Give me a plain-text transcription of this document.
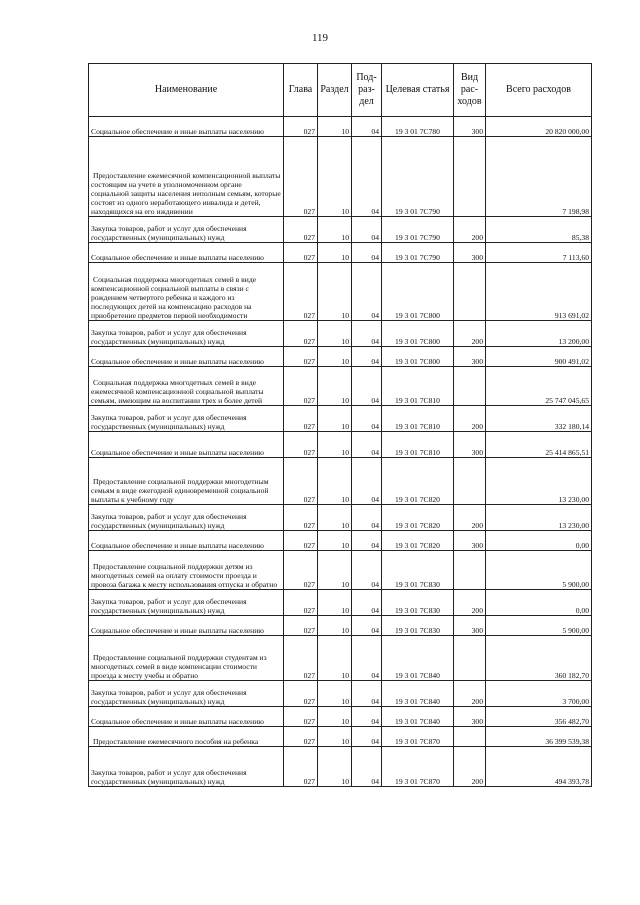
119
Наименование	Глава	Раздел	Под-раз-дел	Целевая статья	Вид рас-ходов	Всего расходов
Социальное обеспечение и иные выплаты населению	027	10	04	19 3 01 7C780	300	20 820 000,00
Предоставление ежемесячной компенсационной выплаты состоящим на учете в уполномоченном органе социальной защиты населения неполным семьям, которые состоят из одного неработающего инвалида и детей, находящихся на его иждивении	027	10	04	19 3 01 7C790		7 198,98
Закупка товаров, работ и услуг для обеспечения государственных (муниципальных) нужд	027	10	04	19 3 01 7C790	200	85,38
Социальное обеспечение и иные выплаты населению	027	10	04	19 3 01 7C790	300	7 113,60
Социальная поддержка многодетных семей в виде компенсационной социальной выплаты в связи с рождением четвертого ребенка и каждого из последующих детей на компенсацию расходов на приобретение предметов первой необходимости	027	10	04	19 3 01 7C800		913 691,02
Закупка товаров, работ и услуг для обеспечения государственных (муниципальных) нужд	027	10	04	19 3 01 7C800	200	13 200,00
Социальное обеспечение и иные выплаты населению	027	10	04	19 3 01 7C800	300	900 491,02
Социальная поддержка многодетных семей в виде ежемесячной компенсационной социальной выплаты семьям, имеющим на воспитании трех и более детей	027	10	04	19 3 01 7C810		25 747 045,65
Закупка товаров, работ и услуг для обеспечения государственных (муниципальных) нужд	027	10	04	19 3 01 7C810	200	332 180,14
Социальное обеспечение и иные выплаты населению	027	10	04	19 3 01 7C810	300	25 414 865,51
Предоставление социальной поддержки многодетным семьям в виде ежегодной единовременной социальной выплаты к учебному году	027	10	04	19 3 01 7C820		13 230,00
Закупка товаров, работ и услуг для обеспечения государственных (муниципальных) нужд	027	10	04	19 3 01 7C820	200	13 230,00
Социальное обеспечение и иные выплаты населению	027	10	04	19 3 01 7C820	300	0,00
Предоставление социальной поддержки детям из многодетных семей на оплату стоимости проезда и провоза багажа к месту использования отпуска и обратно	027	10	04	19 3 01 7C830		5 900,00
Закупка товаров, работ и услуг для обеспечения государственных (муниципальных) нужд	027	10	04	19 3 01 7C830	200	0,00
Социальное обеспечение и иные выплаты населению	027	10	04	19 3 01 7C830	300	5 900,00
Предоставление социальной поддержки студентам из многодетных семей в виде компенсации стоимости проезда к месту учебы и обратно	027	10	04	19 3 01 7C840		360 182,70
Закупка товаров, работ и услуг для обеспечения государственных (муниципальных) нужд	027	10	04	19 3 01 7C840	200	3 700,00
Социальное обеспечение и иные выплаты населению	027	10	04	19 3 01 7C840	300	356 482,70
Предоставление ежемесячного пособия на ребенка	027	10	04	19 3 01 7C870		36 399 539,38
Закупка товаров, работ и услуг для обеспечения государственных (муниципальных) нужд	027	10	04	19 3 01 7C870	200	494 393,78
